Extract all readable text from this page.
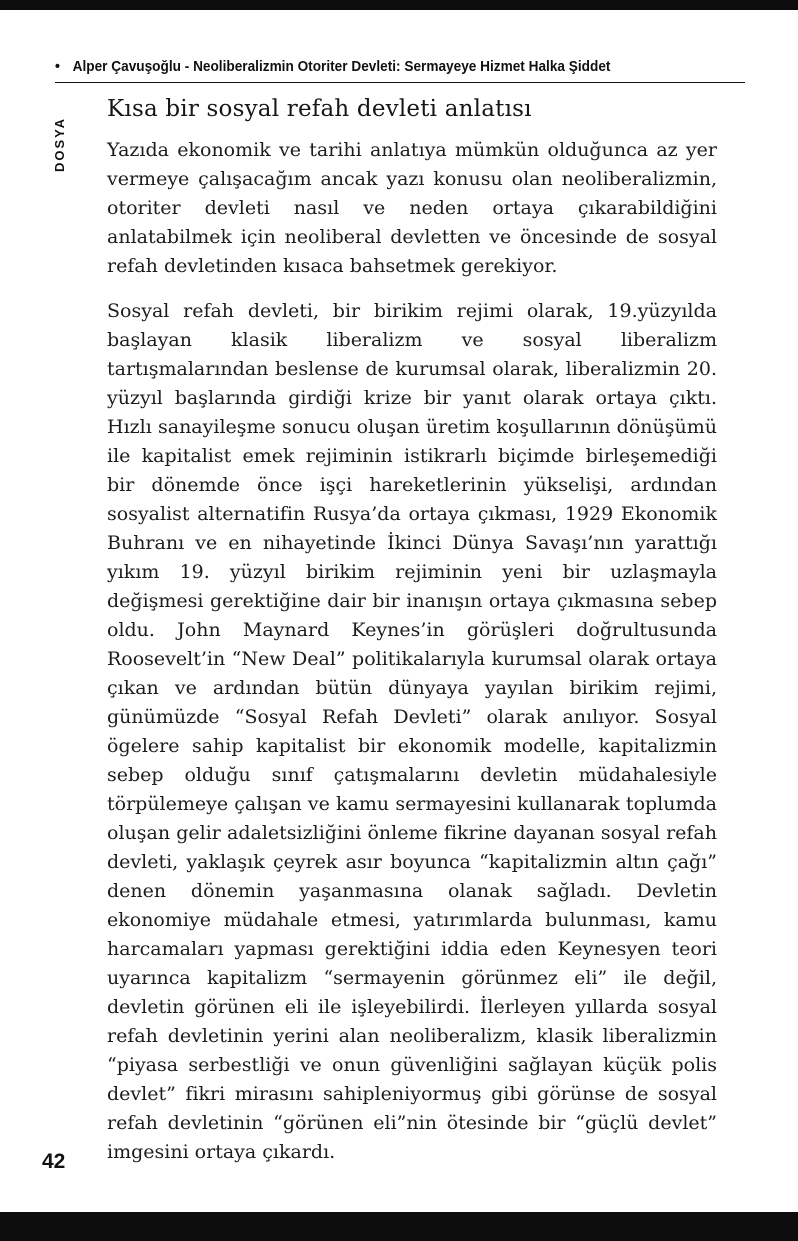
• Alper Çavuşoğlu - Neoliberalizmin Otoriter Devleti: Sermayeye Hizmet Halka Şiddet
DOSYA
Kısa bir sosyal refah devleti anlatısı

Yazıda ekonomik ve tarihi anlatıya mümkün olduğunca az yer vermeye çalışacağım ancak yazı konusu olan neoliberalizmin, otoriter devleti nasıl ve neden ortaya çıkarabildiğini anlatabilmek için neoliberal devletten ve öncesinde de sosyal refah devletinden kısaca bahsetmek gerekiyor.

Sosyal refah devleti, bir birikim rejimi olarak, 19.yüzyılda başlayan klasik liberalizm ve sosyal liberalizm tartışmalarından beslense de kurumsal olarak, liberalizmin 20. yüzyıl başlarında girdiği krize bir yanıt olarak ortaya çıktı. Hızlı sanayileşme sonucu oluşan üretim koşullarının dönüşümü ile kapitalist emek rejiminin istikrarlı biçimde birleşemediği bir dönemde önce işçi hareketlerinin yükselişi, ardından sosyalist alternatifin Rusya’da ortaya çıkması, 1929 Ekonomik Buhranı ve en nihayetinde İkinci Dünya Savaşı’nın yarattığı yıkım 19. yüzyıl birikim rejiminin yeni bir uzlaşmayla değişmesi gerektiğine dair bir inanışın ortaya çıkmasına sebep oldu. John Maynard Keynes’in görüşleri doğrultusunda Roosevelt’in “New Deal” politikalarıyla kurumsal olarak ortaya çıkan ve ardından bütün dünyaya yayılan birikim rejimi, günümüzde “Sosyal Refah Devleti” olarak anılıyor. Sosyal ögelere sahip kapitalist bir ekonomik modelle, kapitalizmin sebep olduğu sınıf çatışmalarını devletin müdahalesiyle törpülemeye çalışan ve kamu sermayesini kullanarak toplumda oluşan gelir adaletsizliğini önleme fikrine dayanan sosyal refah devleti, yaklaşık çeyrek asır boyunca “kapitalizmin altın çağı” denen dönemin yaşanmasına olanak sağladı. Devletin ekonomiye müdahale etmesi, yatırımlarda bulunması, kamu harcamaları yapması gerektiğini iddia eden Keynesyen teori uyarınca kapitalizm “sermayenin görünmez eli” ile değil, devletin görünen eli ile işleyebilirdi. İlerleyen yıllarda sosyal refah devletinin yerini alan neoliberalizm, klasik liberalizmin “piyasa serbestliği ve onun güvenliğini sağlayan küçük polis devlet” fikri mirasını sahipleniyormuş gibi görünse de sosyal refah devletinin “görünen eli”nin ötesinde bir “güçlü devlet” imgesini ortaya çıkardı.

42
